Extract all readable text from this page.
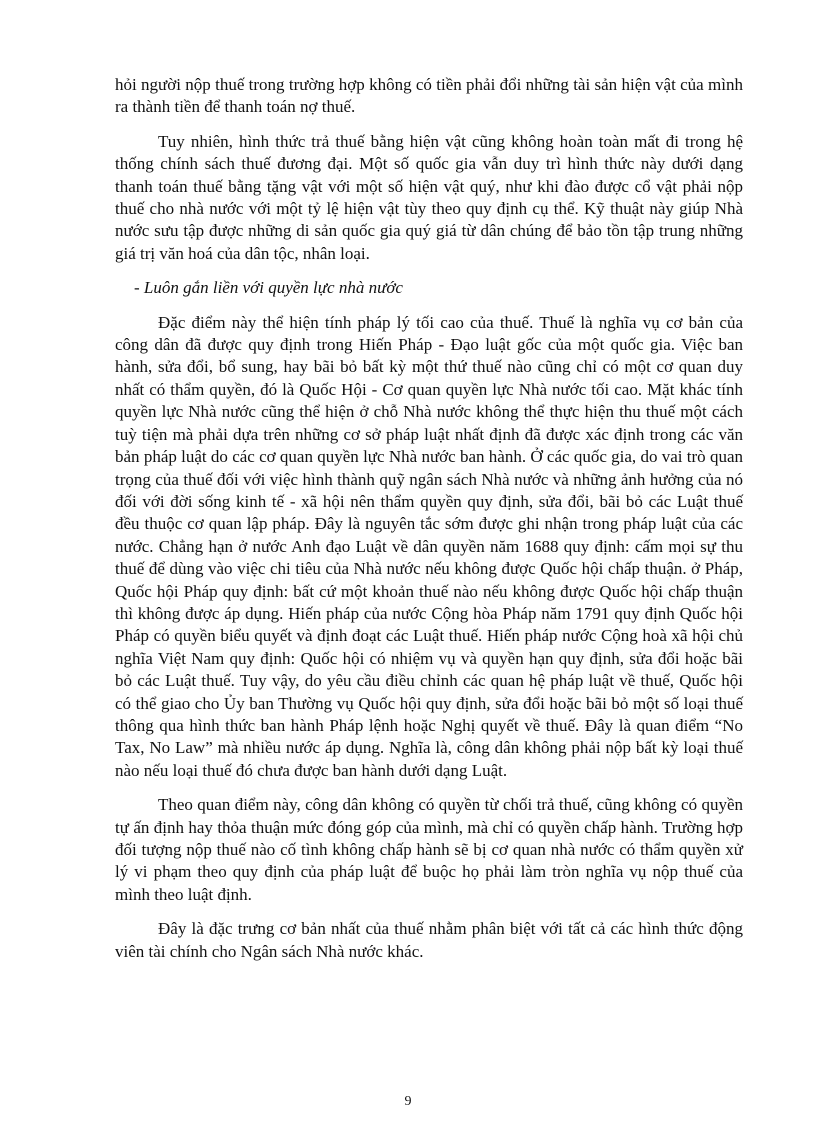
hỏi người nộp thuế trong trường hợp không có tiền phải đổi những tài sản hiện vật của mình ra thành tiền để thanh toán nợ thuế.

Tuy nhiên, hình thức trả thuế bằng hiện vật cũng không hoàn toàn mất đi trong hệ thống chính sách thuế đương đại. Một số quốc gia vẫn duy trì hình thức này dưới dạng thanh toán thuế bằng tặng vật với một số hiện vật quý, như khi đào được cổ vật phải nộp thuế cho nhà nước với một tỷ lệ hiện vật tùy theo quy định cụ thể. Kỹ thuật này giúp Nhà nước sưu tập được những di sản quốc gia quý giá từ dân chúng để bảo tồn tập trung những giá trị văn hoá của dân tộc, nhân loại.

- Luôn gắn liền với quyền lực nhà nước

Đặc điểm này thể hiện tính pháp lý tối cao của thuế. Thuế là nghĩa vụ cơ bản của công dân đã được quy định trong Hiến Pháp - Đạo luật gốc của một quốc gia. Việc ban hành, sửa đổi, bổ sung, hay bãi bỏ bất kỳ một thứ thuế nào cũng chỉ có một cơ quan duy nhất có thẩm quyền, đó là Quốc Hội - Cơ quan quyền lực Nhà nước tối cao. Mặt khác tính quyền lực Nhà nước cũng thể hiện ở chỗ Nhà nước không thể thực hiện thu thuế một cách tuỳ tiện mà phải dựa trên những cơ sở pháp luật nhất định đã được xác định trong các văn bản pháp luật do các cơ quan quyền lực Nhà nước ban hành. Ở các quốc gia, do vai trò quan trọng của thuế đối với việc hình thành quỹ ngân sách Nhà nước và những ảnh hưởng của nó đối với đời sống kinh tế - xã hội nên thẩm quyền quy định, sửa đổi, bãi bỏ các Luật thuế đều thuộc cơ quan lập pháp. Đây là nguyên tắc sớm được ghi nhận trong pháp luật của các nước. Chẳng hạn ở nước Anh đạo Luật về dân quyền năm 1688 quy định: cấm mọi sự thu thuế để dùng vào việc chi tiêu của Nhà nước nếu không được Quốc hội chấp thuận. ở Pháp, Quốc hội Pháp quy định: bất cứ một khoản thuế nào nếu không được Quốc hội chấp thuận thì không được áp dụng. Hiến pháp của nước Cộng hòa Pháp năm 1791 quy định Quốc hội Pháp có quyền biểu quyết và định đoạt các Luật thuế. Hiến pháp nước Cộng hoà xã hội chủ nghĩa Việt Nam quy định: Quốc hội có nhiệm vụ và quyền hạn quy định, sửa đổi hoặc bãi bỏ các Luật thuế. Tuy vậy, do yêu cầu điều chỉnh các quan hệ pháp luật về thuế, Quốc hội có thể giao cho Ủy ban Thường vụ Quốc hội quy định, sửa đổi hoặc bãi bỏ một số loại thuế thông qua hình thức ban hành Pháp lệnh hoặc Nghị quyết về thuế. Đây là quan điểm “No Tax, No Law” mà nhiều nước áp dụng. Nghĩa là, công dân không phải nộp bất kỳ loại thuế nào nếu loại thuế đó chưa được ban hành dưới dạng Luật.

Theo quan điểm này, công dân không có quyền từ chối trả thuế, cũng không có quyền tự ấn định hay thỏa thuận mức đóng góp của mình, mà chỉ có quyền chấp hành. Trường hợp đối tượng nộp thuế nào cố tình không chấp hành sẽ bị cơ quan nhà nước có thẩm quyền xử lý vi phạm theo quy định của pháp luật để buộc họ phải làm tròn nghĩa vụ nộp thuế của mình theo luật định.

Đây là đặc trưng cơ bản nhất của thuế nhằm phân biệt với tất cả các hình thức động viên tài chính cho Ngân sách Nhà nước khác.

9
